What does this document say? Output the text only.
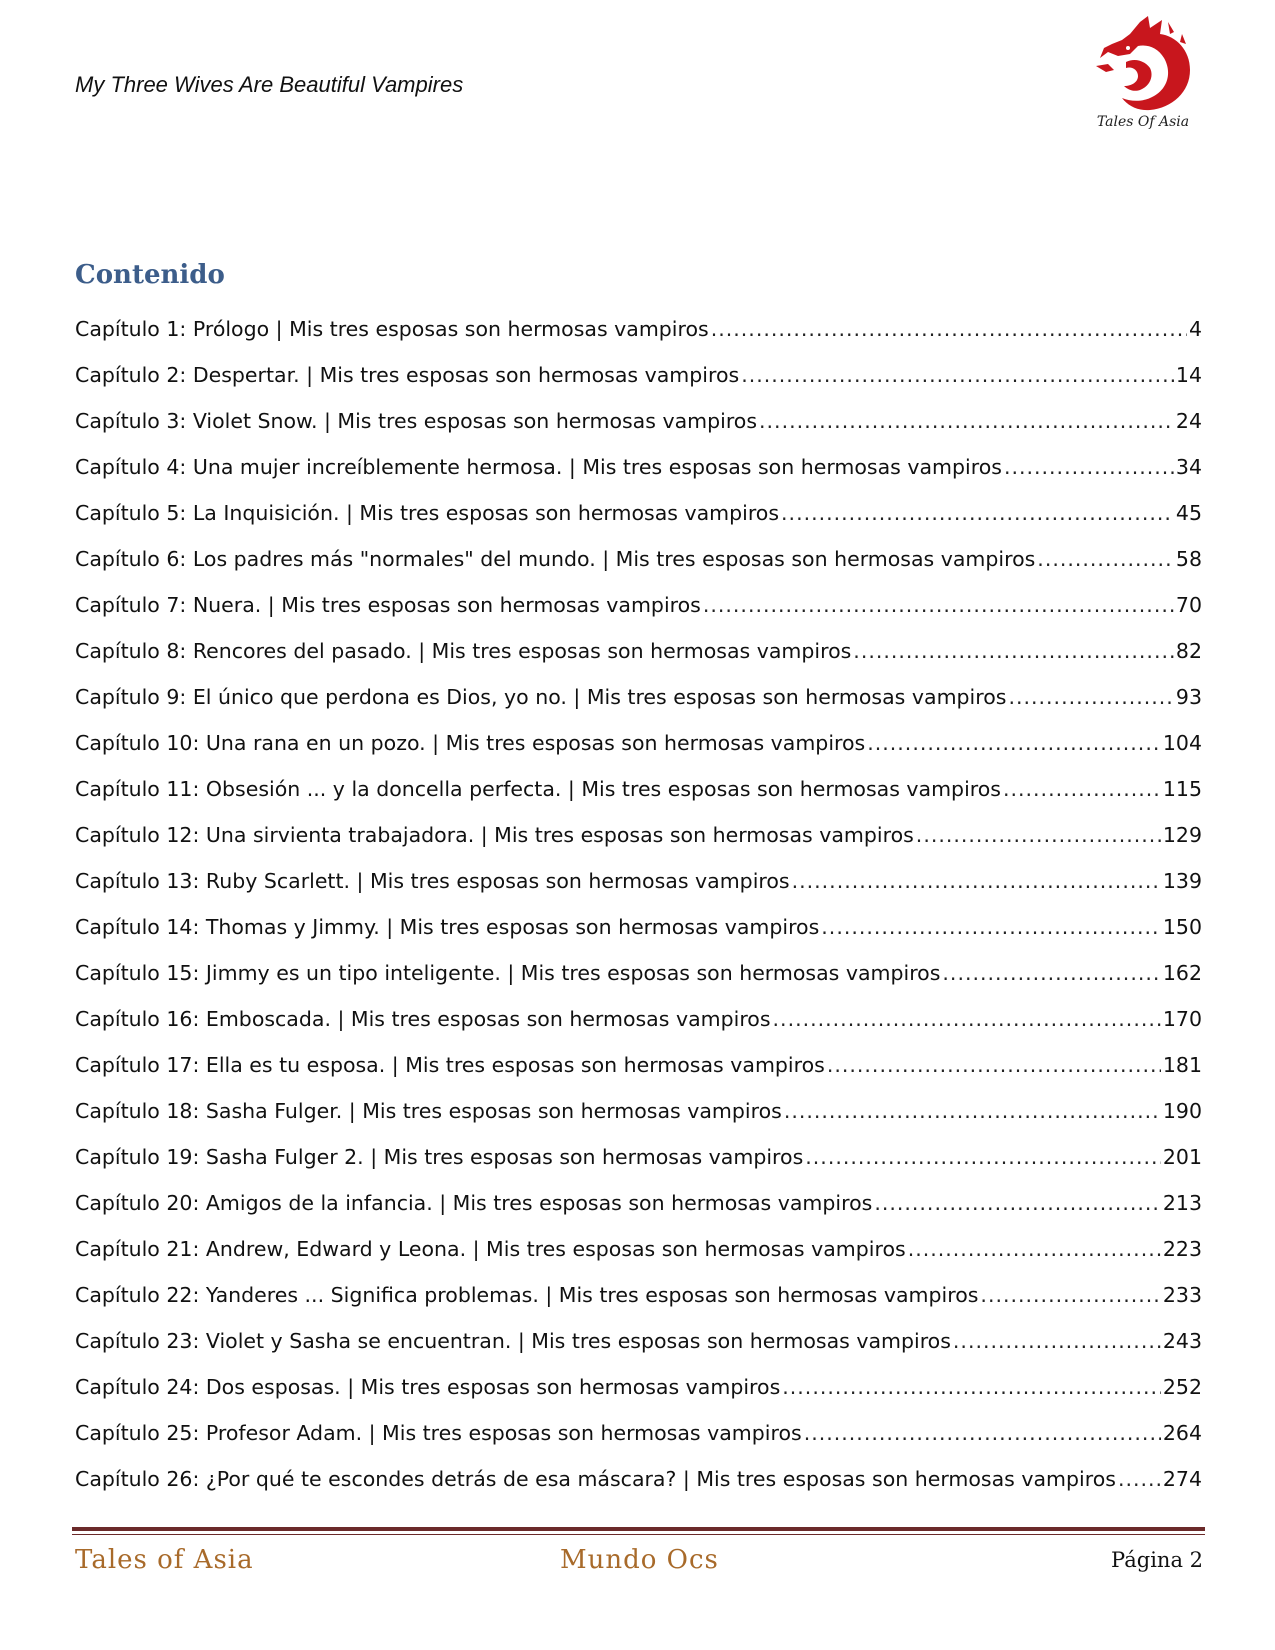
My Three Wives Are Beautiful Vampires
Tales Of Asia
Contenido
Capítulo 1: Prólogo | Mis tres esposas son hermosas vampiros .....	4
Capítulo 2: Despertar. | Mis tres esposas son hermosas vampiros .....	14
Capítulo 3: Violet Snow. | Mis tres esposas son hermosas vampiros .....	24
Capítulo 4: Una mujer increíblemente hermosa. | Mis tres esposas son hermosas vampiros .....	34
Capítulo 5: La Inquisición. | Mis tres esposas son hermosas vampiros .....	45
Capítulo 6: Los padres más "normales" del mundo. | Mis tres esposas son hermosas vampiros .....	58
Capítulo 7: Nuera. | Mis tres esposas son hermosas vampiros .....	70
Capítulo 8: Rencores del pasado. | Mis tres esposas son hermosas vampiros .....	82
Capítulo 9: El único que perdona es Dios, yo no. | Mis tres esposas son hermosas vampiros .....	93
Capítulo 10: Una rana en un pozo. | Mis tres esposas son hermosas vampiros .....	104
Capítulo 11: Obsesión ... y la doncella perfecta. | Mis tres esposas son hermosas vampiros .....	115
Capítulo 12: Una sirvienta trabajadora. | Mis tres esposas son hermosas vampiros .....	129
Capítulo 13: Ruby Scarlett. | Mis tres esposas son hermosas vampiros .....	139
Capítulo 14: Thomas y Jimmy. | Mis tres esposas son hermosas vampiros .....	150
Capítulo 15: Jimmy es un tipo inteligente. | Mis tres esposas son hermosas vampiros .....	162
Capítulo 16: Emboscada. | Mis tres esposas son hermosas vampiros .....	170
Capítulo 17: Ella es tu esposa. | Mis tres esposas son hermosas vampiros .....	181
Capítulo 18: Sasha Fulger. | Mis tres esposas son hermosas vampiros .....	190
Capítulo 19: Sasha Fulger 2. | Mis tres esposas son hermosas vampiros .....	201
Capítulo 20: Amigos de la infancia. | Mis tres esposas son hermosas vampiros .....	213
Capítulo 21: Andrew, Edward y Leona. | Mis tres esposas son hermosas vampiros .....	223
Capítulo 22: Yanderes ... Significa problemas. | Mis tres esposas son hermosas vampiros .....	233
Capítulo 23: Violet y Sasha se encuentran. | Mis tres esposas son hermosas vampiros .....	243
Capítulo 24: Dos esposas. | Mis tres esposas son hermosas vampiros .....	252
Capítulo 25: Profesor Adam. | Mis tres esposas son hermosas vampiros .....	264
Capítulo 26: ¿Por qué te escondes detrás de esa máscara? | Mis tres esposas son hermosas vampiros ..... 274
Tales of Asia	Mundo Ocs	Página 2
